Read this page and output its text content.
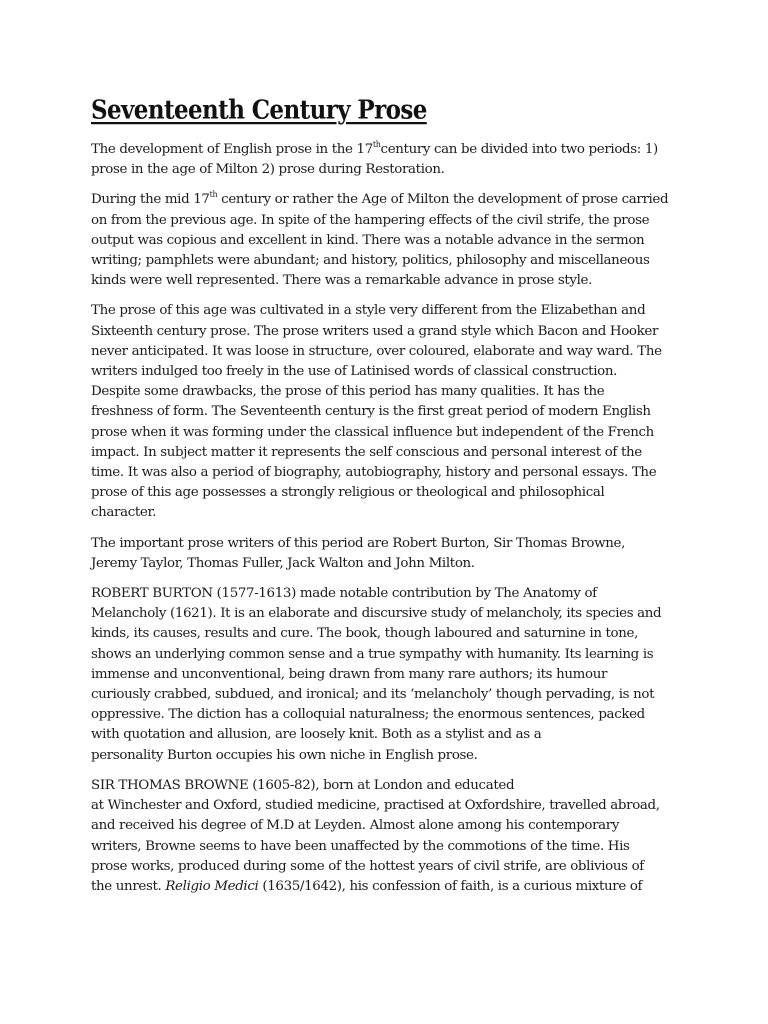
Seventeenth Century Prose

The development of English prose in the 17thcentury can be divided into two periods: 1)
prose in the age of Milton 2) prose during Restoration.

During the mid 17th century or rather the Age of Milton the development of prose carried
on from the previous age. In spite of the hampering effects of the civil strife, the prose
output was copious and excellent in kind. There was a notable advance in the sermon
writing; pamphlets were abundant; and history, politics, philosophy and miscellaneous
kinds were well represented. There was a remarkable advance in prose style.

The prose of this age was cultivated in a style very different from the Elizabethan and
Sixteenth century prose. The prose writers used a grand style which Bacon and Hooker
never anticipated. It was loose in structure, over coloured, elaborate and way ward. The
writers indulged too freely in the use of Latinised words of classical construction.
Despite some drawbacks, the prose of this period has many qualities. It has the
freshness of form. The Seventeenth century is the first great period of modern English
prose when it was forming under the classical influence but independent of the French
impact. In subject matter it represents the self conscious and personal interest of the
time. It was also a period of biography, autobiography, history and personal essays. The
prose of this age possesses a strongly religious or theological and philosophical
character.

The important prose writers of this period are Robert Burton, Sir Thomas Browne,
Jeremy Taylor, Thomas Fuller, Jack Walton and John Milton.

ROBERT BURTON (1577-1613) made notable contribution by The Anatomy of
Melancholy (1621). It is an elaborate and discursive study of melancholy, its species and
kinds, its causes, results and cure. The book, though laboured and saturnine in tone,
shows an underlying common sense and a true sympathy with humanity. Its learning is
immense and unconventional, being drawn from many rare authors; its humour
curiously crabbed, subdued, and ironical; and its ‘melancholy’ though pervading, is not
oppressive. The diction has a colloquial naturalness; the enormous sentences, packed
with quotation and allusion, are loosely knit. Both as a stylist and as a
personality Burton occupies his own niche in English prose.

SIR THOMAS BROWNE (1605-82), born at London and educated
at Winchester and Oxford, studied medicine, practised at Oxfordshire, travelled abroad,
and received his degree of M.D at Leyden. Almost alone among his contemporary
writers, Browne seems to have been unaffected by the commotions of the time. His
prose works, produced during some of the hottest years of civil strife, are oblivious of
the unrest. Religio Medici (1635/1642), his confession of faith, is a curious mixture of
